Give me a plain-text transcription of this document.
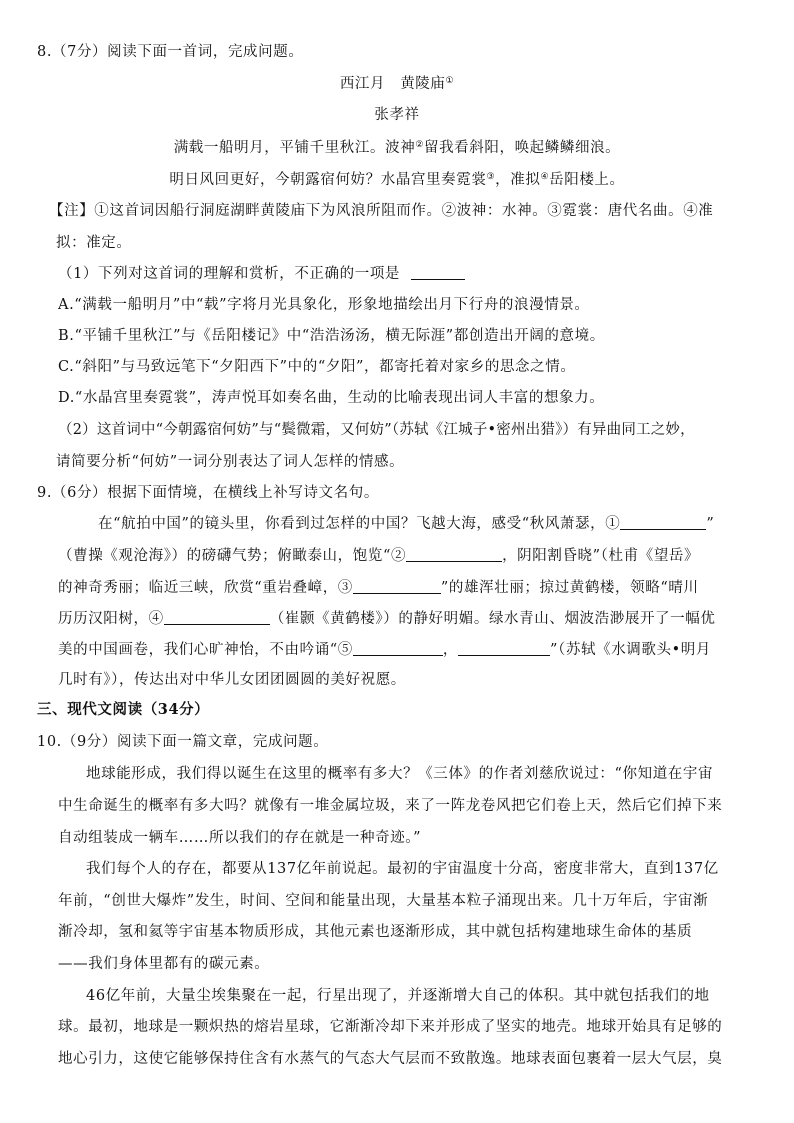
8.（7分）阅读下面一首词，完成问题。
西江月　黄陵庙①
张孝祥
满载一船明月，平铺千里秋江。波神②留我看斜阳，唤起鳞鳞细浪。
明日风回更好，今朝露宿何妨？水晶宫里奏霓裳③，准拟④岳阳楼上。
【注】①这首词因船行洞庭湖畔黄陵庙下为风浪所阻而作。②波神：水神。③霓裳：唐代名曲。④准
拟：准定。
（1）下列对这首词的理解和赏析，不正确的一项是
A.“满载一船明月”中“载”字将月光具象化，形象地描绘出月下行舟的浪漫情景。
B.“平铺千里秋江”与《岳阳楼记》中“浩浩汤汤，横无际涯”都创造出开阔的意境。
C.“斜阳”与马致远笔下“夕阳西下”中的“夕阳”，都寄托着对家乡的思念之情。
D.“水晶宫里奏霓裳”，涛声悦耳如奏名曲，生动的比喻表现出词人丰富的想象力。
（2）这首词中“今朝露宿何妨”与“鬓微霜，又何妨”（苏轼《江城子•密州出猎》）有异曲同工之妙，
请简要分析“何妨”一词分别表达了词人怎样的情感。
9.（6分）根据下面情境，在横线上补写诗文名句。
在“航拍中国”的镜头里，你看到过怎样的中国？飞越大海，感受“秋风萧瑟，①	”
（曹操《观沧海》）的磅礴气势；俯瞰泰山，饱览“②	，阴阳割昏晓”（杜甫《望岳》
的神奇秀丽；临近三峡，欣赏“重岩叠嶂，③	”的雄浑壮丽；掠过黄鹤楼，领略“晴川
历历汉阳树，④	（崔颢《黄鹤楼》）的静好明媚。绿水青山、烟波浩渺展开了一幅优
美的中国画卷，我们心旷神怡，不由吟诵“⑤	，	”（苏轼《水调歌头•明月
几时有》），传达出对中华儿女团团圆圆的美好祝愿。
三、现代文阅读（34分）
10.（9分）阅读下面一篇文章，完成问题。
地球能形成，我们得以诞生在这里的概率有多大？《三体》的作者刘慈欣说过：“你知道在宇宙
中生命诞生的概率有多大吗？就像有一堆金属垃圾，来了一阵龙卷风把它们卷上天，然后它们掉下来
自动组装成一辆车……所以我们的存在就是一种奇迹。”
我们每个人的存在，都要从137亿年前说起。最初的宇宙温度十分高，密度非常大，直到137亿
年前，“创世大爆炸”发生，时间、空间和能量出现，大量基本粒子涌现出来。几十万年后，宇宙渐
渐冷却，氢和氦等宇宙基本物质形成，其他元素也逐渐形成，其中就包括构建地球生命体的基质
——我们身体里都有的碳元素。
46亿年前，大量尘埃集聚在一起，行星出现了，并逐渐增大自己的体积。其中就包括我们的地
球。最初，地球是一颗炽热的熔岩星球，它渐渐冷却下来并形成了坚实的地壳。地球开始具有足够的
地心引力，这使它能够保持住含有水蒸气的气态大气层而不致散逸。地球表面包裹着一层大气层，臭
